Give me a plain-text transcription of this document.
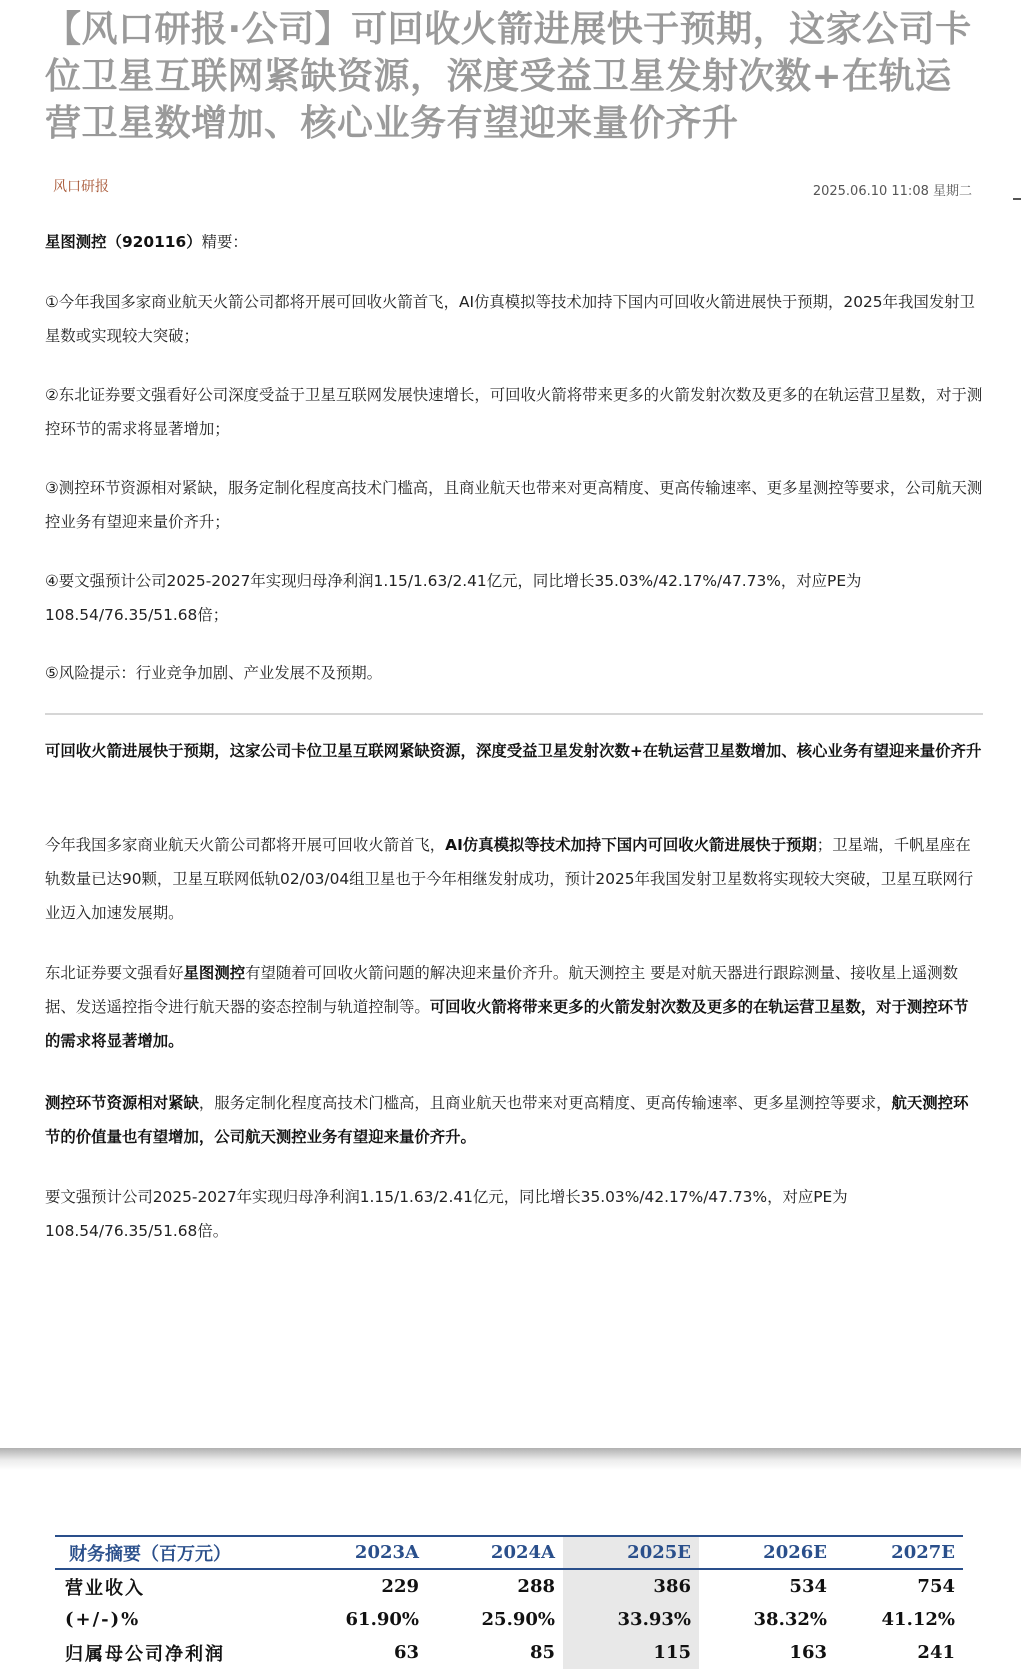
【风口研报·公司】可回收火箭进展快于预期，这家公司卡位卫星互联网紧缺资源，深度受益卫星发射次数+在轨运营卫星数增加、核心业务有望迎来量价齐升
风口研报	2025.06.10 11:08 星期二

星图测控（920116）精要：

①今年我国多家商业航天火箭公司都将开展可回收火箭首飞，AI仿真模拟等技术加持下国内可回收火箭进展快于预期，2025年我国发射卫星数或实现较大突破；

②东北证券要文强看好公司深度受益于卫星互联网发展快速增长，可回收火箭将带来更多的火箭发射次数及更多的在轨运营卫星数，对于测控环节的需求将显著增加；

③测控环节资源相对紧缺，服务定制化程度高技术门槛高，且商业航天也带来对更高精度、更高传输速率、更多星测控等要求，公司航天测控业务有望迎来量价齐升；

④要文强预计公司2025-2027年实现归母净利润1.15/1.63/2.41亿元，同比增长35.03%/42.17%/47.73%，对应PE为108.54/76.35/51.68倍；

⑤风险提示：行业竞争加剧、产业发展不及预期。

可回收火箭进展快于预期，这家公司卡位卫星互联网紧缺资源，深度受益卫星发射次数+在轨运营卫星数增加、核心业务有望迎来量价齐升

今年我国多家商业航天火箭公司都将开展可回收火箭首飞，AI仿真模拟等技术加持下国内可回收火箭进展快于预期；卫星端，千帆星座在轨数量已达90颗，卫星互联网低轨02/03/04组卫星也于今年相继发射成功，预计2025年我国发射卫星数将实现较大突破，卫星互联网行业迈入加速发展期。

东北证券要文强看好星图测控有望随着可回收火箭问题的解决迎来量价齐升。航天测控主 要是对航天器进行跟踪测量、接收星上遥测数据、发送遥控指令进行航天器的姿态控制与轨道控制等。可回收火箭将带来更多的火箭发射次数及更多的在轨运营卫星数，对于测控环节的需求将显著增加。

测控环节资源相对紧缺，服务定制化程度高技术门槛高，且商业航天也带来对更高精度、更高传输速率、更多星测控等要求，航天测控环节的价值量也有望增加，公司航天测控业务有望迎来量价齐升。

要文强预计公司2025-2027年实现归母净利润1.15/1.63/2.41亿元，同比增长35.03%/42.17%/47.73%，对应PE为108.54/76.35/51.68倍。

财务摘要（百万元）	2023A	2024A	2025E	2026E	2027E
营业收入	229	288	386	534	754
(+/-)%	61.90%	25.90%	33.93%	38.32%	41.12%
归属母公司净利润	63	85	115	163	241
